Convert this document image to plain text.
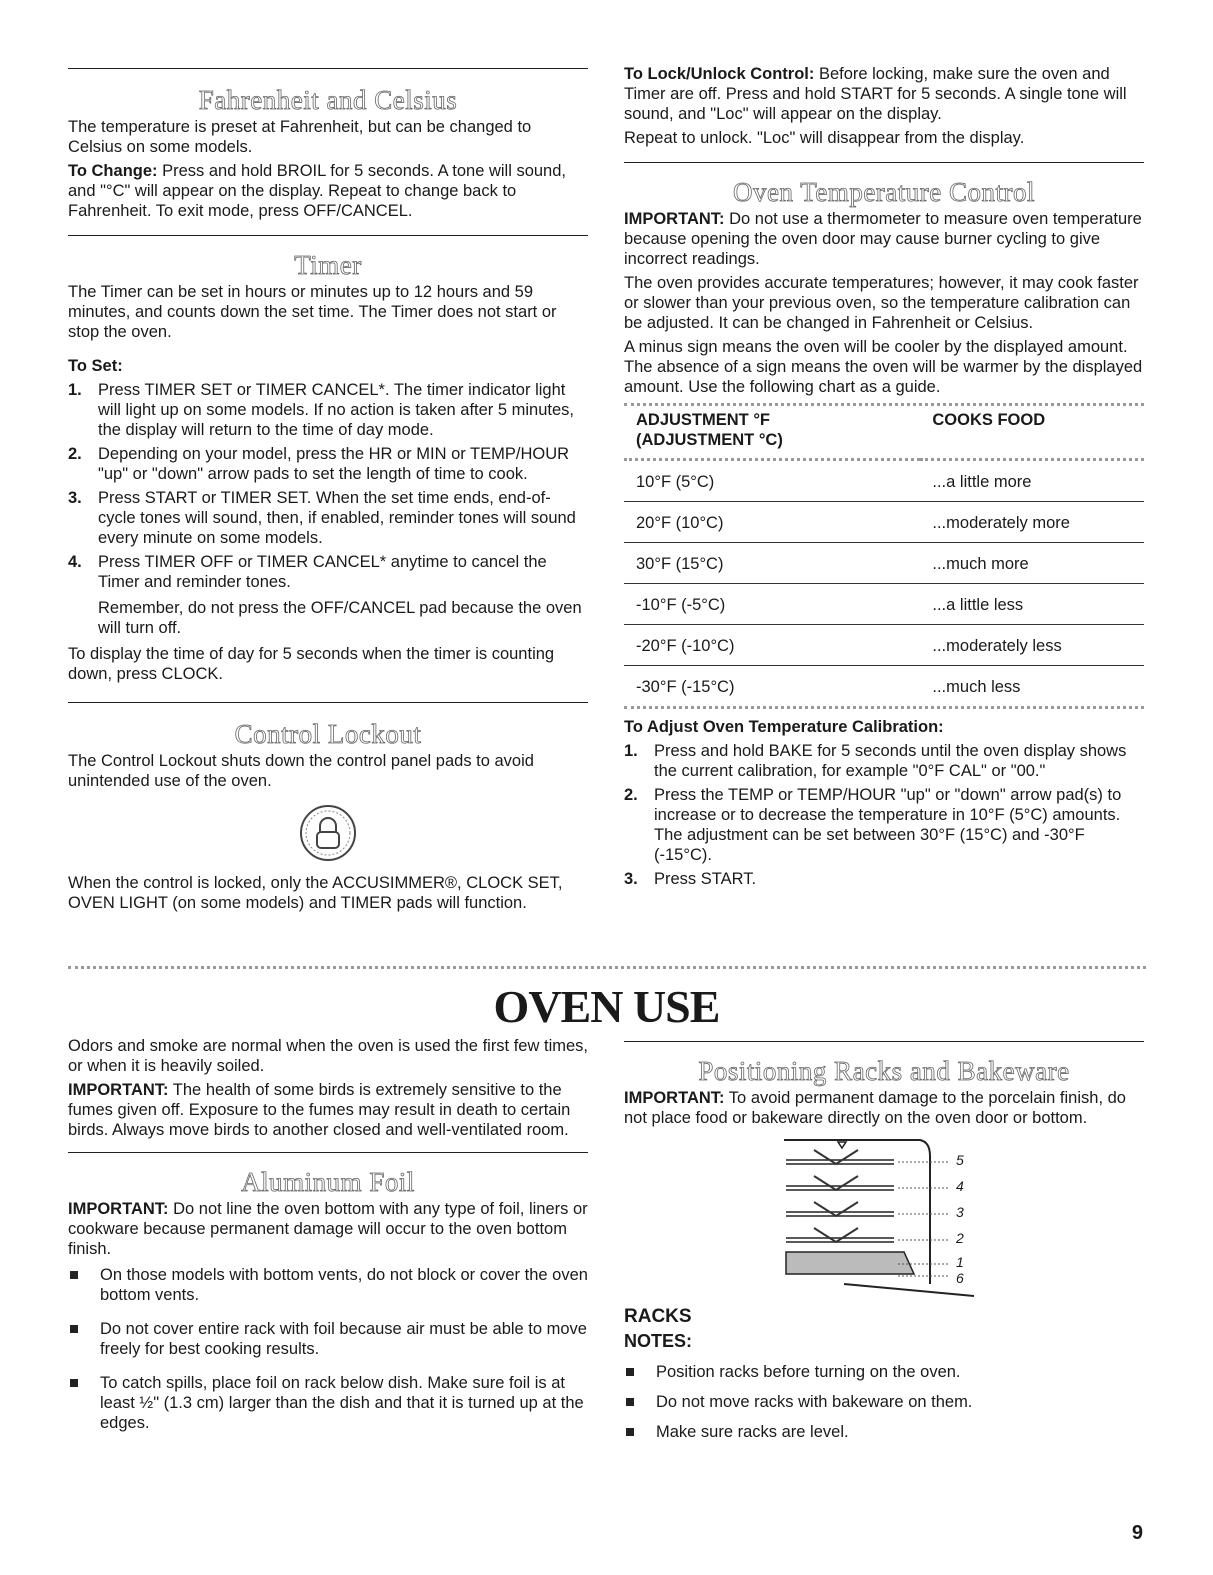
Fahrenheit and Celsius

The temperature is preset at Fahrenheit, but can be changed to Celsius on some models.

To Change: Press and hold BROIL for 5 seconds. A tone will sound, and "°C" will appear on the display. Repeat to change back to Fahrenheit. To exit mode, press OFF/CANCEL.

Timer

The Timer can be set in hours or minutes up to 12 hours and 59 minutes, and counts down the set time. The Timer does not start or stop the oven.

To Set:

1. Press TIMER SET or TIMER CANCEL*. The timer indicator light will light up on some models. If no action is taken after 5 minutes, the display will return to the time of day mode.
2. Depending on your model, press the HR or MIN or TEMP/HOUR "up" or "down" arrow pads to set the length of time to cook.
3. Press START or TIMER SET. When the set time ends, end-of-cycle tones will sound, then, if enabled, reminder tones will sound every minute on some models.
4. Press TIMER OFF or TIMER CANCEL* anytime to cancel the Timer and reminder tones.
Remember, do not press the OFF/CANCEL pad because the oven will turn off.

To display the time of day for 5 seconds when the timer is counting down, press CLOCK.

Control Lockout

The Control Lockout shuts down the control panel pads to avoid unintended use of the oven.

When the control is locked, only the ACCUSIMMER®, CLOCK SET, OVEN LIGHT (on some models) and TIMER pads will function.

To Lock/Unlock Control: Before locking, make sure the oven and Timer are off. Press and hold START for 5 seconds. A single tone will sound, and "Loc" will appear on the display.

Repeat to unlock. "Loc" will disappear from the display.

Oven Temperature Control

IMPORTANT: Do not use a thermometer to measure oven temperature because opening the oven door may cause burner cycling to give incorrect readings.

The oven provides accurate temperatures; however, it may cook faster or slower than your previous oven, so the temperature calibration can be adjusted. It can be changed in Fahrenheit or Celsius.

A minus sign means the oven will be cooler by the displayed amount. The absence of a sign means the oven will be warmer by the displayed amount. Use the following chart as a guide.

ADJUSTMENT °F
(ADJUSTMENT °C)	COOKS FOOD

10°F (5°C)	...a little more
20°F (10°C)	...moderately more
30°F (15°C)	...much more
-10°F (-5°C)	...a little less
-20°F (-10°C)	...moderately less
-30°F (-15°C)	...much less

To Adjust Oven Temperature Calibration:

1. Press and hold BAKE for 5 seconds until the oven display shows the current calibration, for example "0°F CAL" or "00."
2. Press the TEMP or TEMP/HOUR "up" or "down" arrow pad(s) to increase or to decrease the temperature in 10°F (5°C) amounts. The adjustment can be set between 30°F (15°C) and -30°F (-15°C).
3. Press START.
OVEN USE

Odors and smoke are normal when the oven is used the first few times, or when it is heavily soiled.

IMPORTANT: The health of some birds is extremely sensitive to the fumes given off. Exposure to the fumes may result in death to certain birds. Always move birds to another closed and well-ventilated room.

Aluminum Foil

IMPORTANT: Do not line the oven bottom with any type of foil, liners or cookware because permanent damage will occur to the oven bottom finish.

On those models with bottom vents, do not block or cover the oven bottom vents.
Do not cover entire rack with foil because air must be able to move freely for best cooking results.
To catch spills, place foil on rack below dish. Make sure foil is at least ½" (1.3 cm) larger than the dish and that it is turned up at the edges.
Positioning Racks and Bakeware

IMPORTANT: To avoid permanent damage to the porcelain finish, do not place food or bakeware directly on the oven door or bottom.

5
4
3
2
1
6
RACKS
NOTES:
Position racks before turning on the oven.
Do not move racks with bakeware on them.
Make sure racks are level.
9
